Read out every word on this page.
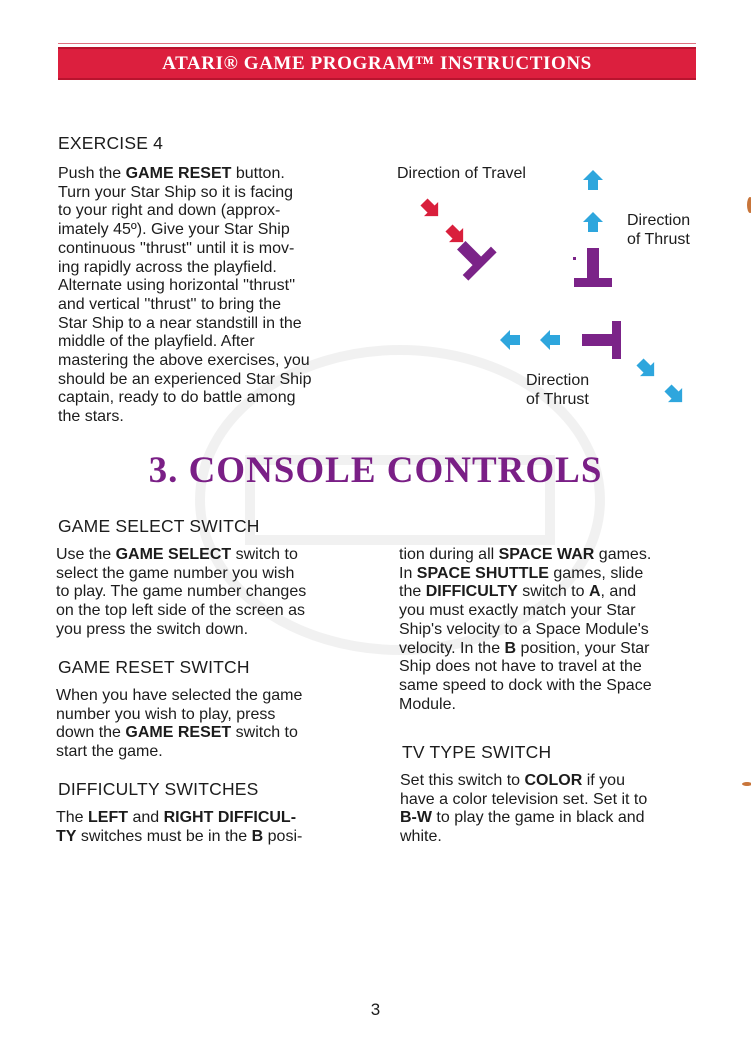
ATARI® GAME PROGRAM™ INSTRUCTIONS
EXERCISE 4
Push the GAME RESET button.
Turn your Star Ship so it is facing
to your right and down (approx-
imately 45º). Give your Star Ship
continuous ''thrust'' until it is mov-
ing rapidly across the playfield.
Alternate using horizontal ''thrust''
and vertical ''thrust'' to bring the
Star Ship to a near standstill in the
middle of the playfield. After
mastering the above exercises, you
should be an experienced Star Ship
captain, ready to do battle among
the stars.
Direction of Travel
Direction
of Thrust
Direction
of Thrust
3. CONSOLE CONTROLS
GAME SELECT SWITCH
Use the GAME SELECT switch to
select the game number you wish
to play. The game number changes
on the top left side of the screen as
you press the switch down.
GAME RESET SWITCH
When you have selected the game
number you wish to play, press
down the GAME RESET switch to
start the game.
DIFFICULTY SWITCHES
The LEFT and RIGHT DIFFICUL-
TY switches must be in the B posi-
tion during all SPACE WAR games.
In SPACE SHUTTLE games, slide
the DIFFICULTY switch to A, and
you must exactly match your Star
Ship's velocity to a Space Module's
velocity. In the B position, your Star
Ship does not have to travel at the
same speed to dock with the Space
Module.
TV TYPE SWITCH
Set this switch to COLOR if you
have a color television set. Set it to
B-W to play the game in black and
white.
3
